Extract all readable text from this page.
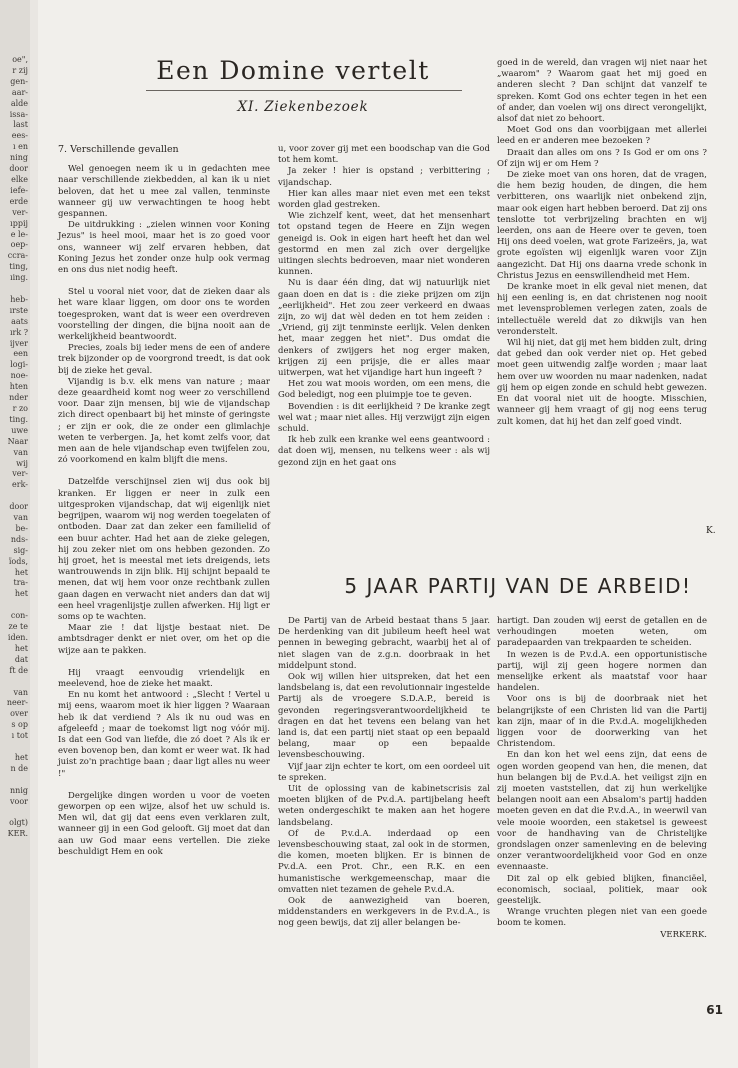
oe",
r zij
gen-
aar-
alde
issa-
last
ees-
ı en
ning
door
elke
iefe-
erde
ver-
ıppij
e le-
oep-
ccra-
ting,
ıing.
heb-
ırste
aats
ırk ?
ijver
een
logi-
noe-
hten
nder
r zo
ting.
uwe
Naar
van
wij
ver-
erk-
door
van
be-
nds-
sig-
ïods,
het
tra-
het
con-
ze te
iden.
het
dat
ft de
van
neer-
over
s op
ı tot
het
n de
nnig
voor
olgt)
KER.
Een Domine vertelt
XI. Ziekenbezoek

7. Verschillende gevallen

Wel genoegen neem ik u in gedachten mee naar verschillende ziekbedden, al kan ik u niet beloven, dat het u mee zal vallen, tenminste wanneer gij uw verwachtingen te hoog hebt gespannen.

De uitdrukking : „zielen winnen voor Koning Jezus" is heel mooi, maar het is zo goed voor ons, wanneer wij zelf ervaren hebben, dat Koning Jezus het zonder onze hulp ook vermag en ons dus niet nodig heeft.

Stel u vooral niet voor, dat de zieken daar als het ware klaar liggen, om door ons te worden toegesproken, want dat is weer een overdreven voorstelling der dingen, die bijna nooit aan de werkelijkheid beantwoordt.

Precies, zoals bij ieder mens de een of andere trek bijzonder op de voorgrond treedt, is dat ook bij de zieke het geval.

Vijandig is b.v. elk mens van nature ; maar deze geaardheid komt nog weer zo verschillend voor. Daar zijn mensen, bij wie de vijandschap zich direct openbaart bij het minste of geringste ; er zijn er ook, die ze onder een glimlachje weten te verbergen. Ja, het komt zelfs voor, dat men aan de hele vijandschap even twijfelen zou, zó voorkomend en kalm blijft die mens.

Datzelfde verschijnsel zien wij dus ook bij kranken. Er liggen er neer in zulk een uitgesproken vijandschap, dat wij eigenlijk niet begrijpen, waarom wij nog werden toegelaten of ontboden. Daar zat dan zeker een familielid of een buur achter. Had het aan de zieke gelegen, hij zou zeker niet om ons hebben gezonden. Zo hij groet, het is meestal met iets dreigends, iets wantrouwends in zijn blik. Hij schijnt bepaald te menen, dat wij hem voor onze rechtbank zullen gaan dagen en verwacht niet anders dan dat wij een heel vragenlijstje zullen afwerken. Hij ligt er soms op te wachten.

Maar zie ! dat lijstje bestaat niet. De ambtsdrager denkt er niet over, om het op die wijze aan te pakken.

Hij vraagt eenvoudig vriendelijk en meelevend, hoe de zieke het maakt.

En nu komt het antwoord : „Slecht ! Vertel u mij eens, waarom moet ik hier liggen ? Waaraan heb ik dat verdiend ? Als ik nu oud was en afgeleefd ; maar de toekomst ligt nog vóór mij. Is dat een God van liefde, die zó doet ? Als ik er even bovenop ben, dan komt er weer wat. Ik had juist zo'n prachtige baan ; daar ligt alles nu weer !"

Dergelijke dingen worden u voor de voeten geworpen op een wijze, alsof het uw schuld is. Men wil, dat gij dat eens even verklaren zult, wanneer gij in een God gelooft. Gij moet dat dan aan uw God maar eens vertellen. Die zieke beschuldigt Hem en ook

u, voor zover gij met een boodschap van die God tot hem komt.

Ja zeker ! hier is opstand ; verbittering ; vijandschap.

Hier kan alles maar niet even met een tekst worden glad gestreken.

Wie zichzelf kent, weet, dat het mensenhart tot opstand tegen de Heere en Zijn wegen geneigd is. Ook in eigen hart heeft het dan wel gestormd en men zal zich over dergelijke uitingen slechts bedroeven, maar niet wonderen kunnen.

Nu is daar één ding, dat wij natuurlijk niet gaan doen en dat is : die zieke prijzen om zijn „eerlijkheid". Het zou zeer verkeerd en dwaas zijn, zo wij dat wèl deden en tot hem zeiden : „Vriend, gij zijt tenminste eerlijk. Velen denken het, maar zeggen het niet". Dus omdat die denkers of zwijgers het nog erger maken, krijgen zij een prijsje, die er alles maar uitwerpen, wat het vijandige hart hun ingeeft ?

Het zou wat moois worden, om een mens, die God beledigt, nog een pluimpje toe te geven.

Bovendien : is dit eerlijkheid ? De kranke zegt wel wat ; maar niet alles. Hij verzwijgt zijn eigen schuld.

Ik heb zulk een kranke wel eens geantwoord : dat doen wij, mensen, nu telkens weer : als wij gezond zijn en het gaat ons

goed in de wereld, dan vragen wij niet naar het „waarom" ? Waarom gaat het mij goed en anderen slecht ? Dan schijnt dat vanzelf te spreken. Komt God ons echter tegen in het een of ander, dan voelen wij ons direct verongelijkt, alsof dat niet zo behoort.

Moet God ons dan voorbijgaan met allerlei leed en er anderen mee bezoeken ?

Draait dan alles om ons ? Is God er om ons ? Of zijn wij er om Hem ?

De zieke moet van ons horen, dat de vragen, die hem bezig houden, de dingen, die hem verbitteren, ons waarlijk niet onbekend zijn, maar ook eigen hart hebben beroerd. Dat zij ons tenslotte tot verbrijzeling brachten en wij leerden, ons aan de Heere over te geven, toen Hij ons deed voelen, wat grote Farizeërs, ja, wat grote egoïsten wij eigenlijk waren voor Zijn aangezicht. Dat Hij ons daarna vrede schonk in Christus Jezus en eenswillendheid met Hem.

De kranke moet in elk geval niet menen, dat hij een eenling is, en dat christenen nog nooit met levensproblemen verlegen zaten, zoals de intellectuële wereld dat zo dikwijls van hen veronderstelt.

Wil hij niet, dat gij met hem bidden zult, dring dat gebed dan ook verder niet op. Het gebed moet geen uitwendig zalfje worden ; maar laat hem over uw woorden nu maar nadenken, nadat gij hem op eigen zonde en schuld hebt gewezen. En dat vooral niet uit de hoogte. Misschien, wanneer gij hem vraagt of gij nog eens terug zult komen, dat hij het dan zelf goed vindt.

K.
5 JAAR PARTIJ VAN DE ARBEID!

De Partij van de Arbeid bestaat thans 5 jaar. De herdenking van dit jubileum heeft heel wat pennen in beweging gebracht, waarbij het al of niet slagen van de z.g.n. doorbraak in het middelpunt stond.

Ook wij willen hier uitspreken, dat het een landsbelang is, dat een revolutionnair ingestelde Partij als de vroegere S.D.A.P., bereid is gevonden regeringsverantwoordelijkheid te dragen en dat het tevens een belang van het land is, dat een partij niet staat op een bepaald belang, maar op een bepaalde levensbeschouwing.

Vijf jaar zijn echter te kort, om een oordeel uit te spreken.

Uit de oplossing van de kabinetscrisis zal moeten blijken of de Pv.d.A. partijbelang heeft weten ondergeschikt te maken aan het hogere landsbelang.

Of de P.v.d.A. inderdaad op een levensbeschouwing staat, zal ook in de stormen, die komen, moeten blijken. Er is binnen de Pv.d.A. een Prot. Chr., een R.K. en een humanistische werkgemeenschap, maar die omvatten niet tezamen de gehele P.v.d.A.

Ook de aanwezigheid van boeren, middenstanders en werkgevers in de P.v.d.A., is nog geen bewijs, dat zij aller belangen be-

hartigt. Dan zouden wij eerst de getallen en de verhoudingen moeten weten, om paradepaarden van trekpaarden te scheiden.

In wezen is de P.v.d.A. een opportunistische partij, wijl zij geen hogere normen dan menselijke erkent als maatstaf voor haar handelen.

Voor ons is bij de doorbraak niet het belangrijkste of een Christen lid van die Partij kan zijn, maar of in die P.v.d.A. mogelijkheden liggen voor de doorwerking van het Christendom.

En dan kon het wel eens zijn, dat eens de ogen worden geopend van hen, die menen, dat hun belangen bij de P.v.d.A. het veiligst zijn en zij moeten vaststellen, dat zij hun werkelijke belangen nooit aan een Absalom's partij hadden moeten geven en dat die P.v.d.A., in weerwil van vele mooie woorden, een staketsel is geweest voor de handhaving van de Christelijke grondslagen onzer samenleving en de beleving onzer verantwoordelijkheid voor God en onze evennaaste.

Dit zal op elk gebied blijken, financiëel, economisch, sociaal, politiek, maar ook geestelijk.

Wrange vruchten plegen niet van een goede boom te komen.

VERKERK.

61
